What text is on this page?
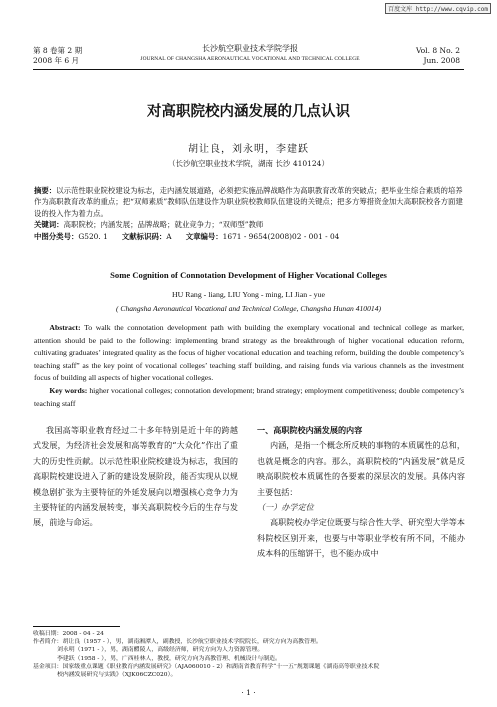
百度文库 http://www.cqvip.com
第 8 卷第 2 期
2008 年 6 月
长沙航空职业技术学院学报
JOURNAL OF CHANGSHA AERONAUTICAL VOCATIONAL AND TECHNICAL COLLEGE
Vol. 8 No. 2
Jun. 2008
对高职院校内涵发展的几点认识
胡让良，刘永明，李建跃
（长沙航空职业技术学院，湖南 长沙 410124）
摘要：以示范性职业院校建设为标志，走内涵发展道路，必须把实施品牌战略作为高职教育改革的突破点；把毕业生综合素质的培养作为高职教育改革的重点；把“双师素质”教师队伍建设作为职业院校教师队伍建设的关键点；把多方筹措资金加大高职院校各方面建设的投入作为着力点。
关键词：高职院校；内涵发展；品牌战略；就业竞争力；“双师型”教师
中图分类号：G520. 1 文献标识码：A 文章编号：1671 - 9654(2008)02 - 001 - 04
Some Cognition of Connotation Development of Higher Vocational Colleges
HU Rang - liang, LIU Yong - ming, LI Jian - yue
( Changsha Aeronautical Vocational and Technical College, Changsha Hunan 410014)
Abstract: To walk the connotation development path with building the exemplary vocational and technical college as marker, attention should be paid to the following: implementing brand strategy as the breakthrough of higher vocational education reform, cultivating graduates’ integrated quality as the focus of higher vocational education and teaching reform, building the double competency’s teaching staff” as the key point of vocational colleges’ teaching staff building, and raising funds via various channels as the investment focus of building all aspects of higher vocational colleges.
Key words: higher vocational colleges; connotation development; brand strategy; employment competitiveness; double competency’s teaching staff
我国高等职业教育经过二十多年特别是近十年的跨越式发展，为经济社会发展和高等教育的“大众化”作出了重大的历史性贡献。以示范性职业院校建设为标志，我国的高职院校建设进入了新的建设发展阶段，能否实现从以规模急剧扩张为主要特征的外延发展向以增强核心竞争力为主要特征的内涵发展转变，事关高职院校今后的生存与发展，前途与命运。

一、高职院校内涵发展的内容

内涵，是指一个概念所反映的事物的本质属性的总和，也就是概念的内容。那么，高职院校的“内涵发展”就是反映高职院校本质属性的各要素的深层次的发展。具体内容主要包括：

（一）办学定位

高职院校办学定位既要与综合性大学、研究型大学等本科院校区别开来，也要与中等职业学校有所不同，不能办成本科的压缩饼干，也不能办成中

收稿日期：2008 - 04 - 24
作者简介：胡让良（1957 - ），男，湖南湘潭人，副教授，长沙航空职业技术学院院长，研究方向为高教管理。
刘永明（1971 - ），男，湖南醴陵人，高级经济师，研究方向为人力资源管理。
李建跃（1958 - ），男，广西桂林人，教授，研究方向为高教管理、机械设计与制造。
基金项目：国家级重点课题《职业教育内涵发展研究》（AJA060010 - 2）和湖南省教育科学“十一五”规划课题《湖南高等职业技术院
校内涵发展研究与实践》（XJK06CZC020）。
· 1 ·
